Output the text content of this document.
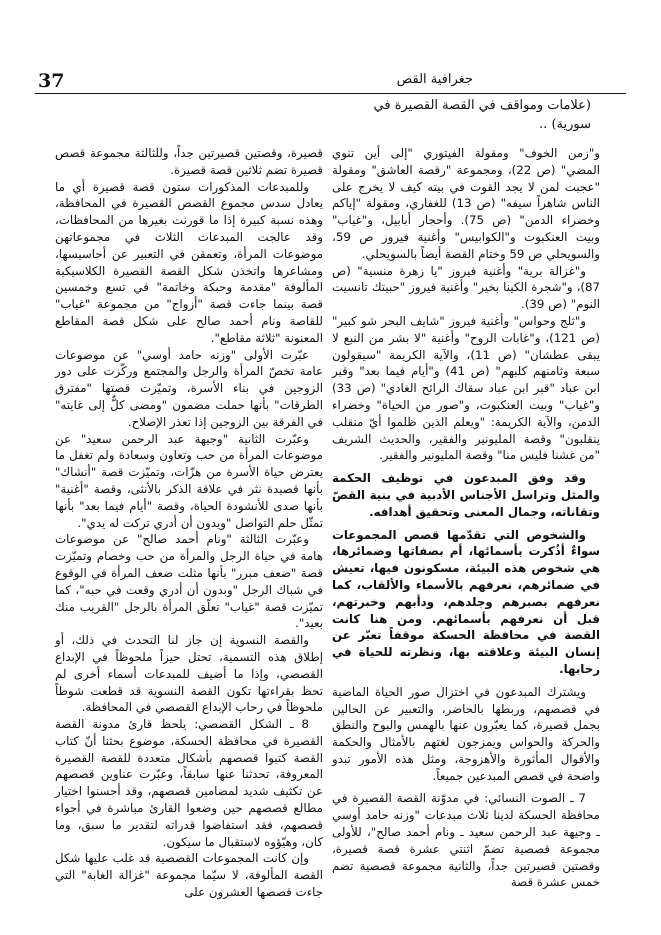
37	جغرافية القص
(علامات ومواقف في القصة القصيرة في سورية) ..

و"زمن الخوف" ومقولة الفيتوري "إلى أين تنوي المضي" (ص 22)، ومجموعة "رقصة العاشق" ومقولة "عجبت لمن لا يجد القوت في بيته كيف لا يخرج على الناس شاهراً سيفه" (ص 13) للغفاري، ومقولة "إياكم وخضراء الدمن" (ص 75). وأحجار أبابيل، و"غياب" وبيت العنكبوت و"الكوابيس" وأغنية فيروز ص 59، والسويحلي ص 59 وختام القصة أيضاً بالسويحلي.

و"غزالة برية" وأغنية فيروز "يا زهرة منسية" (ص 87)، و"شجرة الكينا بخير" وأغنية فيروز "حبيتك تانسيت النوم" (ص 39).

و"ثلج وحواس" وأغنية فيروز "شايف البحر شو كبير" (ص 121)، و"غابات الروح" وأغنية "لا بشر من النبع لا يبقى عطشان" (ص 11)، والآية الكريمة "سيقولون سبعة وثامنهم كلبهم" (ص 41) و"أيام فيما بعد" وقبر ابن عباد "قبر ابن عباد سقاك الرائح الغادي" (ص 33) و"غياب" وبيت العنكبوت، و"صور من الحياة" وخضراء الدمن، والآية الكريمة: "ويعلم الذين ظلموا أيّ منقلب ينقلبون" وقصة المليونير والفقير، والحديث الشريف "من غشنا فليس منا" وقصة المليونير والفقير.

وقد وفق المبدعون في توظيف الحكمة والمثل وتراسل الأجناس الأدبية في بنية القصّ وتقاناته، وجمال المعنى وتحقيق أهدافه.

والشخوص التي تقدّمها قصص المجموعات سواءٌ أذُكرت بأسمائها، أم بصفاتها وضمائرها، هي شخوص هذه البيئة، مسكونون فيها، تعيش في ضمائرهم، نعرفهم بالأسماء والألقاب، كما نعرفهم بصبرهم وجلدهم، ودأبهم وخبرتهم، قبل أن نعرفهم بأسمائهم. ومن هنا كانت القصة في محافظة الحسكة موقفاً تعبّر عن إنسان البيئة وعلاقته بها، ونظرته للحياة في رحابها.

ويشترك المبدعون في اختزال صور الحياة الماضية في قصصهم، وربطها بالحاضر، والتعبير عن الحالين بجمل قصيرة، كما يعبّرون عنها بالهمس والبوح والنطق والحركة والحواس ويمزجون لغتهم بالأمثال والحكمة والأقوال المأثورة والأهزوجة، ومثل هذه الأمور تبدو واضحة في قصص المبدعين جميعاً.

7 ـ الصوت النسائي: في مدوّنة القصة القصيرة في محافظة الحسكة لدينا ثلاث مبدعات "وزنه حامد أوسي ـ وجيهة عبد الرحمن سعيد ـ ونام أحمد صالح"، للأولى مجموعة قصصية تضمّ اثنتي عشرة قصة قصيرة، وقصتين قصيرتين جداً، والثانية مجموعة قصصية تضم خمس عشرة قصة

قصيرة، وقصتين قصيرتين جداً، وللثالثة مجموعة قصص قصيرة تضم ثلاثين قصة قصيرة.

وللمبدعات المذكورات ستون قصة قصيرة أي ما يعادل سدس مجموع القصص القصيرة في المحافظة، وهذه نسبة كبيرة إذا ما قورنت بغيرها من المحافظات، وقد عالجت المبدعات الثلاث في مجموعاتهن موضوعات المرأة، وتعمقن في التعبير عن أحاسيسها، ومشاعرها واتخذن شكل القصة القصيرة الكلاسيكية المألوفة "مقدمة وحبكة وخاتمة" في تسع وخمسين قصة بينما جاءت قصة "أزواج" من مجموعة "غياب" للقاصة ونام أحمد صالح على شكل قصة المقاطع المعنونة "ثلاثة مقاطع".

عبّرت الأولى "وزنه حامد أوسي" عن موضوعات عامة تخصّ المرأة والرجل والمجتمع وركّزت على دور الزوجين في بناء الأسرة، وتميّزت قصتها "مفترق الطرقات" بأنها حملت مضمون "ومضى كلٌّ إلى غايته" في الفرقة بين الزوجين إذا تعذر الإصلاح.

وعبّرت الثانية "وجيهة عبد الرحمن سعيد" عن موضوعات المرأة من حب وتعاون وسعادة ولم تغفل ما يعترض حياة الأسرة من هزّات، وتميّزت قصة "أنشاك" بأنها قصيدة نثر في علاقة الذكر بالأنثى، وقصة "أغنية" بأنها صدى للأنشودة الحياة، وقصة "أيام فيما بعد" بأنها تمثّل حلم التواصل "ويدون أن أدري تركت له يدي".

وعبّرت الثالثة "ونام أحمد صالح" عن موضوعات هامة في حياة الرجل والمرأة من حب وخصام وتميّزت قصة "ضعف مبرر" بأنها مثلت ضعف المرأة في الوقوع في شباك الرجل "وبدون أن أدري وقعت في حبه"، كما تميّزت قصة "غياب" تعلّق المرأة بالرجل "القريب منك بعيد".

والقصة النسوية إن جاز لنا التحدث في ذلك، أو إطلاق هذه التسمية، تحتل حيزاً ملحوظاً في الإبداع القصصي، وإذا ما أضيف للمبدعات أسماء أخرى لم تحظ بقراءتها تكون القصة النسوية قد قطعت شوطاً ملحوظاً في رحاب الإبداع القصصي في المحافظة.

8 ـ الشكل القصصي: يلحظ قارئ مدونة القصة القصيرة في محافظة الحسكة، موضوع بحثنا أنّ كتاب القصة كتبوا قصصهم بأشكال متعددة للقصة القصيرة المعروفة، تحدثنا عنها سابقاً، وعبّرت عناوين قصصهم عن تكثيف شديد لمضامين قصصهم، وقد أحسنوا اختيار مطالع قصصهم حين وضعوا القارئ مباشرة في أجواء قصصهم، فقد استفاضوا قدراته لتقدير ما سبق، وما كان، وهيّؤوه لاستقبال ما سيكون.

وإن كانت المجموعات القصصية قد غلب عليها شكل القصة المألوفة، لا سيّما مجموعة "غزالة الغابة" التي جاءت قصصها العشرون على
